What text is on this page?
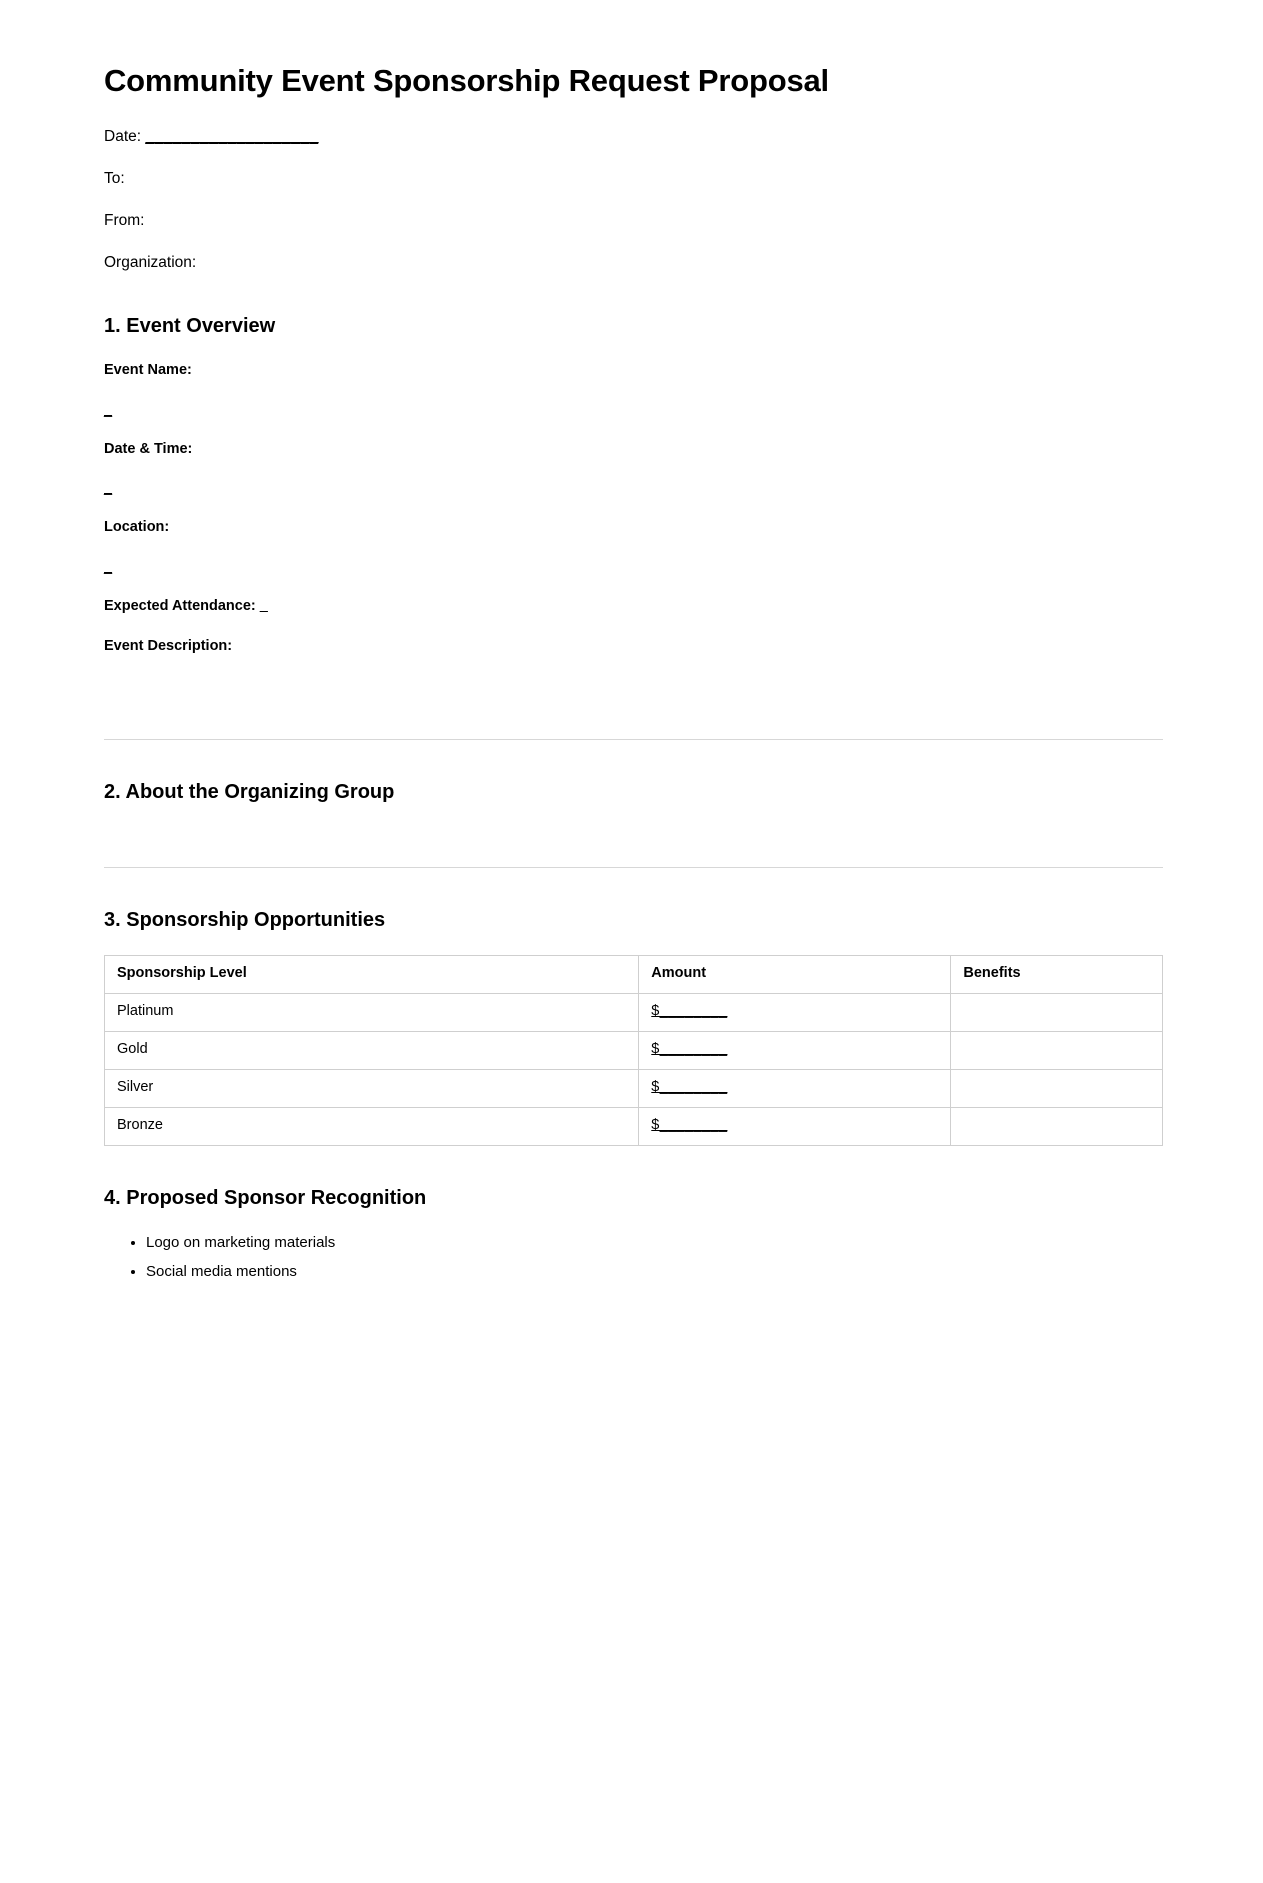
Community Event Sponsorship Request Proposal

Date: ___________________

To:

From:

Organization:

1. Event Overview

Event Name:

_

Date & Time:

_

Location:

_

Expected Attendance: _

Event Description:

2. About the Organizing Group
3. Sponsorship Opportunities
Sponsorship Level	Amount	Benefits
Platinum	$________	
Gold	$________	
Silver	$________	
Bronze	$________	
4. Proposed Sponsor Recognition
• Logo on marketing materials
• Social media mentions
